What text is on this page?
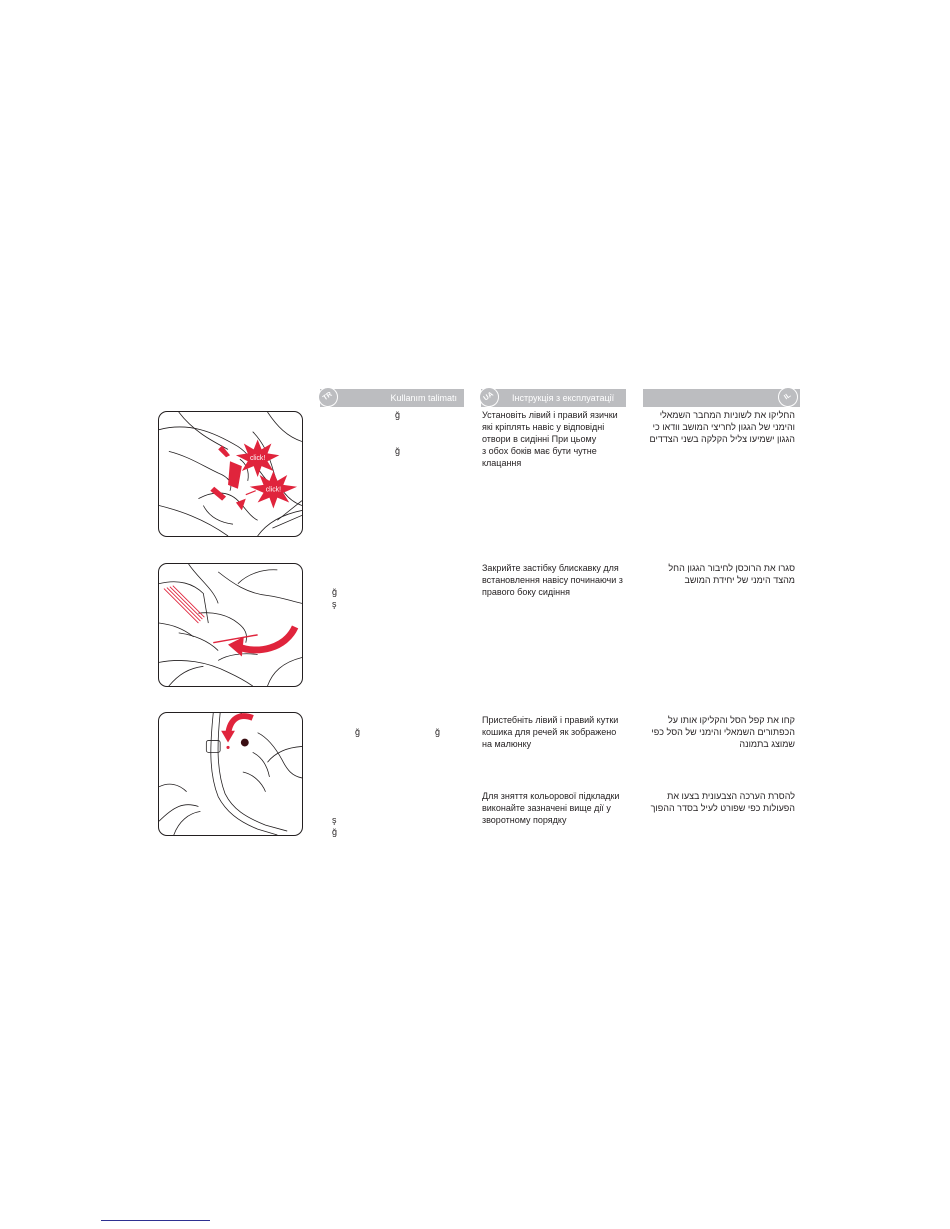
TR	Kullanım talimatı	UA	Інструкція з експлуатації	IL
click!
click!
ğ

ğ

ğ
ş

ğ                              ğ

ş
ğ
Установіть лівий і правий язички
які кріплять навіс у відповідні
отвори в сидінні При цьому
з обох боків має бути чутне
клацання
Закрийте застібку блискавку для
встановлення навісу починаючи з
правого боку сидіння
Пристебніть лівий і правий кутки
кошика для речей як зображено
на малюнку
Для зняття кольорової підкладки
виконайте зазначені вище дії у
зворотному порядку
החליקו את לשוניות המחבר השמאלי
והימני של הגגון לחריצי המושב וודאו כי
הגגון ישמיעו צליל הקלקה בשני הצדדים
סגרו את הרוכסן לחיבור הגגון החל
מהצד הימני של יחידת המושב
קחו את קפל הסל והקליקו אותו על
הכפתורים השמאלי והימני של הסל כפי
שמוצג בתמונה
להסרת הערכה הצבעונית בצעו את
הפעולות כפי שפורט לעיל בסדר ההפוך
